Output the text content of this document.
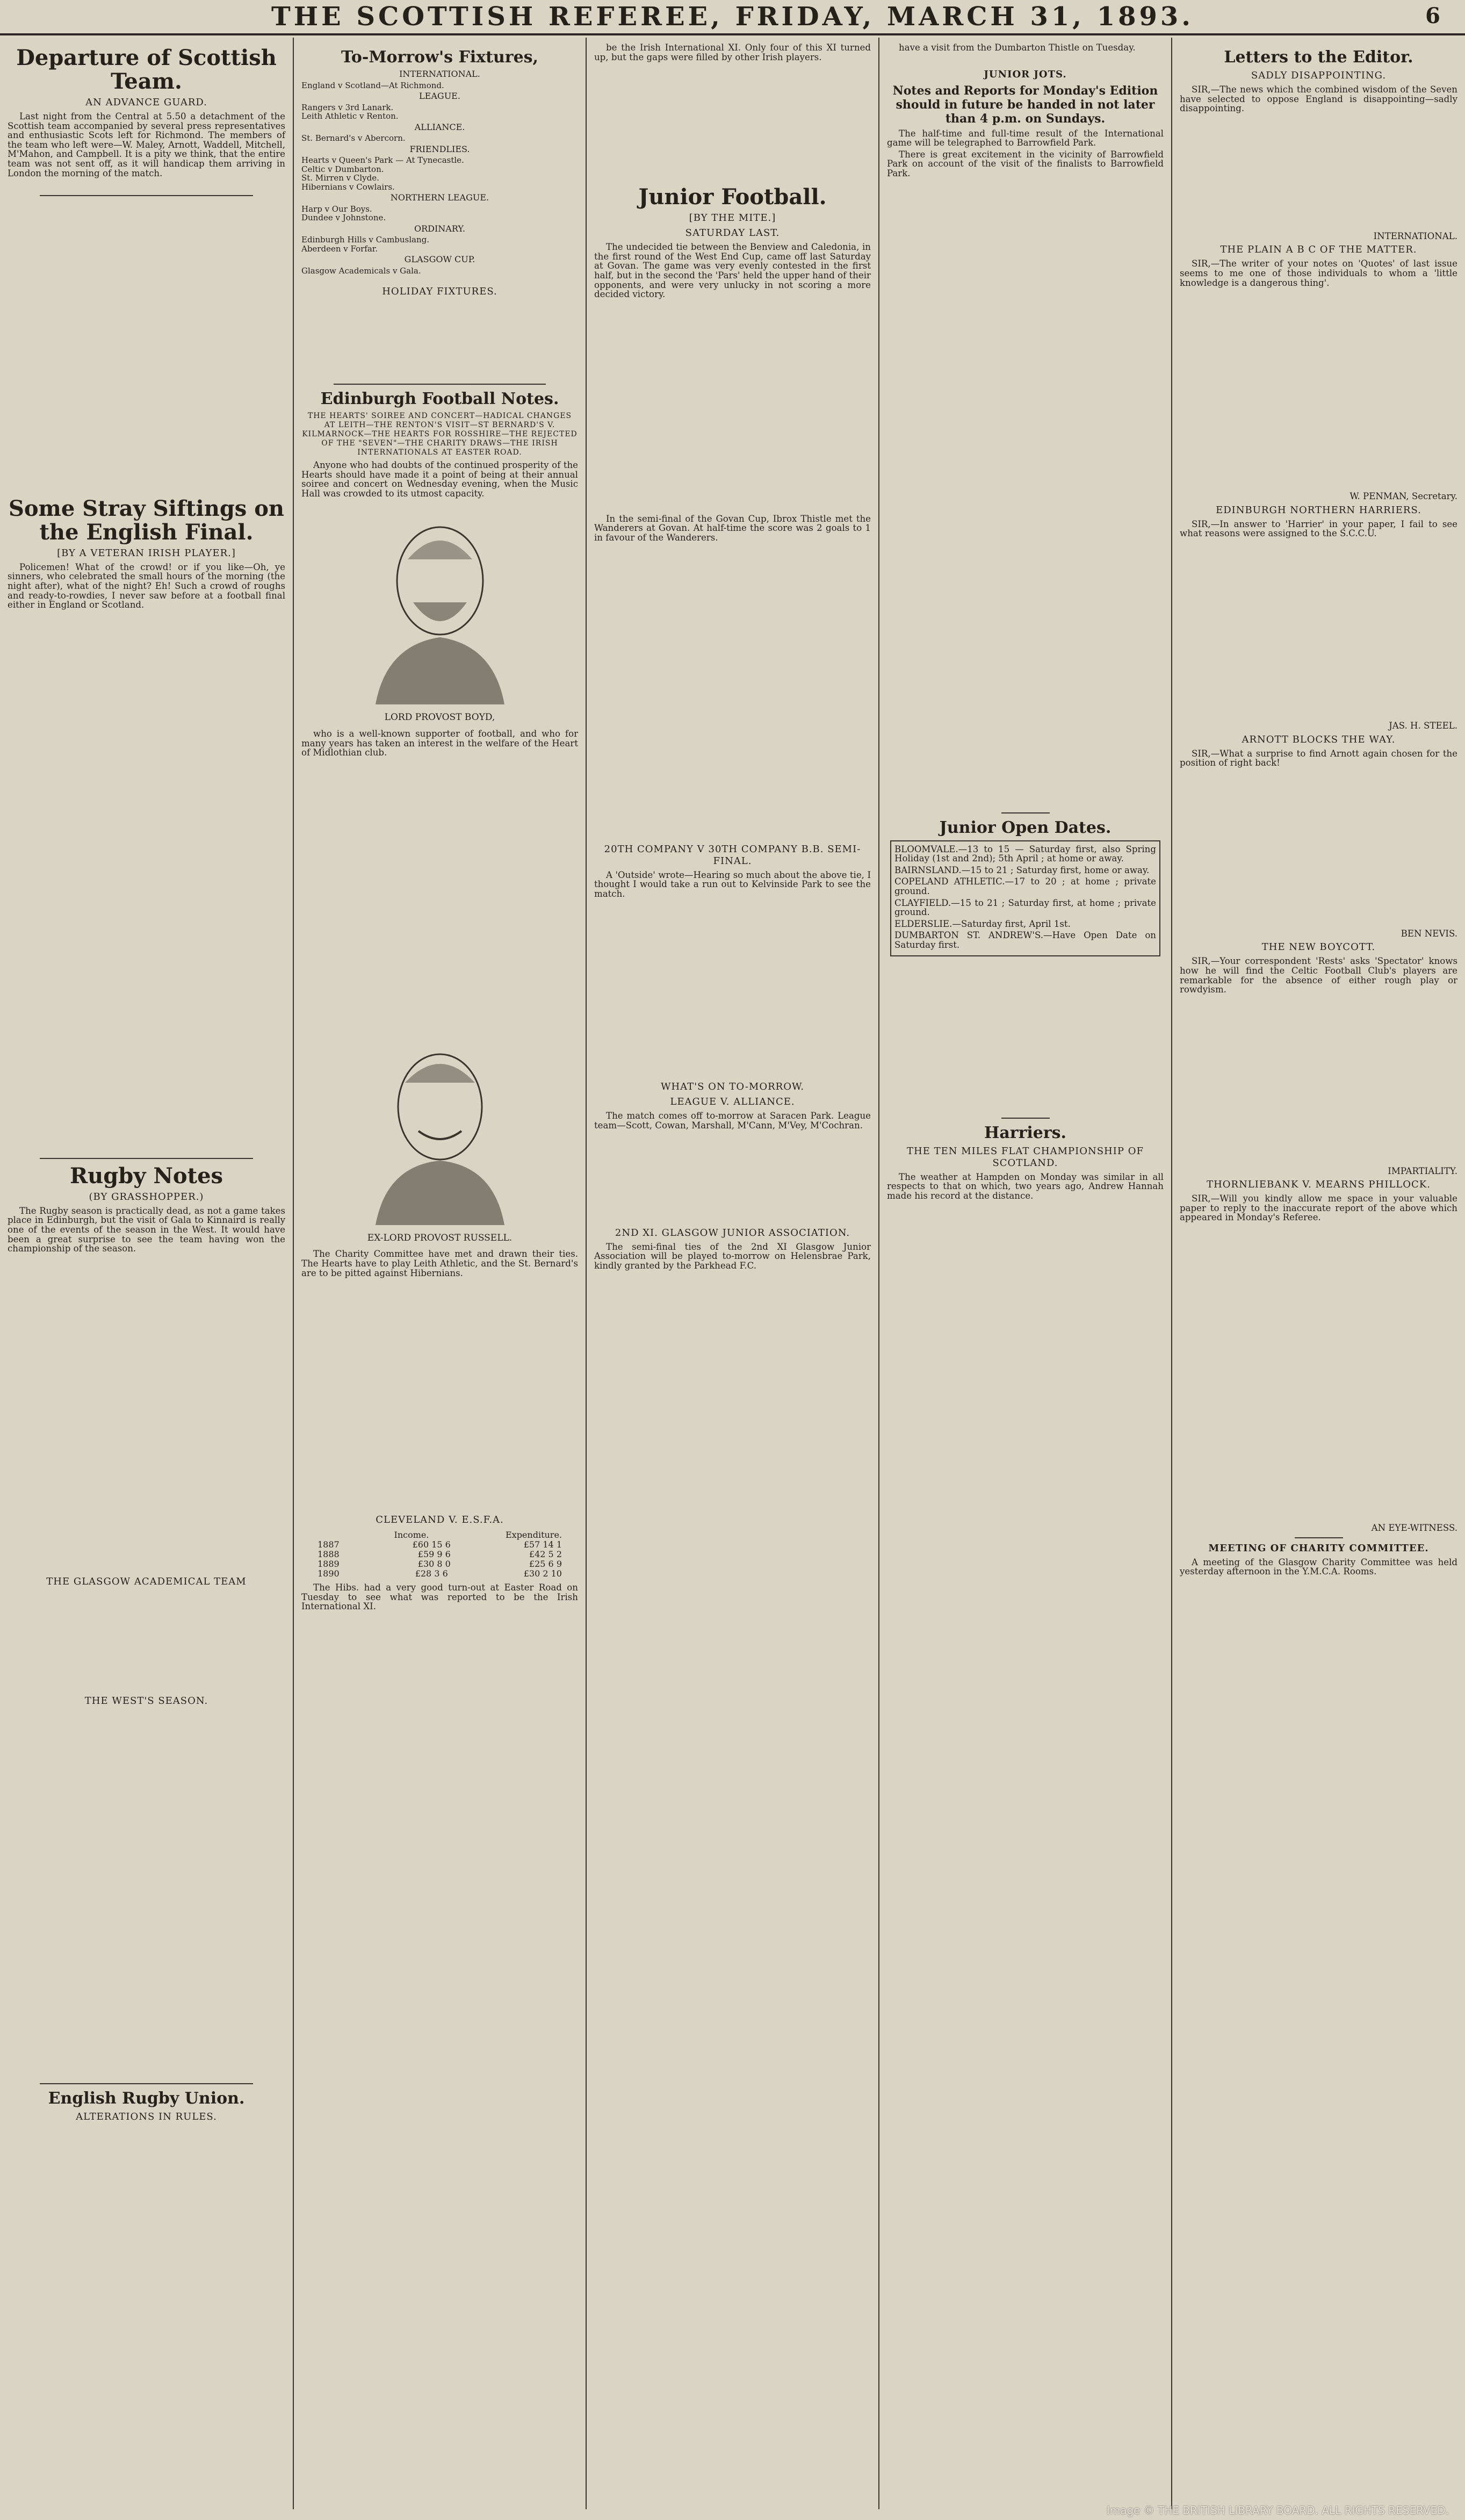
THE SCOTTISH REFEREE, FRIDAY, MARCH 31, 1893.	6
Departure of Scottish Team.
AN ADVANCE GUARD.

Last night from the Central at 5.50 a detachment of the Scottish team accompanied by several press representatives and enthusiastic Scots left for Richmond. The members of the team who left were—W. Maley, Arnott, Waddell, Mitchell, M'Mahon, and Campbell. It is a pity we think, that the entire team was not sent off, as it will handicap them arriving in London the morning of the match.

Some Stray Siftings on the English Final.
[BY A VETERAN IRISH PLAYER.]

Policemen! What of the crowd! or if you like—Oh, ye sinners, who celebrated the small hours of the morning (the night after), what of the night? Eh! Such a crowd of roughs and ready-to-rowdies, I never saw before at a football final either in England or Scotland.

Rugby Notes
(BY GRASSHOPPER.)

The Rugby season is practically dead, as not a game takes place in Edinburgh, but the visit of Gala to Kinnaird is really one of the events of the season in the West. It would have been a great surprise to see the team having won the championship of the season.

THE GLASGOW ACADEMICAL TEAM
THE WEST'S SEASON.
English Rugby Union.
ALTERATIONS IN RULES.
To-Morrow's Fixtures,
INTERNATIONAL.
England v Scotland—At Richmond.
LEAGUE.
Rangers v 3rd Lanark.
Leith Athletic v Renton.
ALLIANCE.
St. Bernard's v Abercorn.
FRIENDLIES.
Hearts v Queen's Park — At Tynecastle.
Celtic v Dumbarton.
St. Mirren v Clyde.
Hibernians v Cowlairs.
NORTHERN LEAGUE.
Harp v Our Boys.
Dundee v Johnstone.
ORDINARY.
Edinburgh Hills v Cambuslang.
Aberdeen v Forfar.
GLASGOW CUP.
Glasgow Academicals v Gala.
HOLIDAY FIXTURES.
Edinburgh Football Notes.
THE HEARTS' SOIREE AND CONCERT—HADICAL CHANGES AT LEITH—THE RENTON'S VISIT—ST BERNARD'S V. KILMARNOCK—THE HEARTS FOR ROSSHIRE—THE REJECTED OF THE "SEVEN"—THE CHARITY DRAWS—THE IRISH INTERNATIONALS AT EASTER ROAD.

Anyone who had doubts of the continued prosperity of the Hearts should have made it a point of being at their annual soiree and concert on Wednesday evening, when the Music Hall was crowded to its utmost capacity.

LORD PROVOST BOYD,

who is a well-known supporter of football, and who for many years has taken an interest in the welfare of the Heart of Midlothian club.

EX-LORD PROVOST RUSSELL.

The Charity Committee have met and drawn their ties. The Hearts have to play Leith Athletic, and the St. Bernard's are to be pitted against Hibernians.

CLEVELAND V. E.S.F.A.
Income.	Expenditure.
1887	£60 15 6	£57 14 1
1888	£59 9 6	£42 5 2
1889	£30 8 0	£25 6 9
1890	£28 3 6	£30 2 10

The Hibs. had a very good turn-out at Easter Road on Tuesday to see what was reported to be the Irish International XI.

be the Irish International XI. Only four of this XI turned up, but the gaps were filled by other Irish players.

Junior Football.
[BY THE MITE.]
SATURDAY LAST.

The undecided tie between the Benview and Caledonia, in the first round of the West End Cup, came off last Saturday at Govan. The game was very evenly contested in the first half, but in the second the 'Pars' held the upper hand of their opponents, and were very unlucky in not scoring a more decided victory.

In the semi-final of the Govan Cup, Ibrox Thistle met the Wanderers at Govan. At half-time the score was 2 goals to 1 in favour of the Wanderers.

20TH COMPANY V 30TH COMPANY B.B. SEMI-FINAL.

A 'Outside' wrote—Hearing so much about the above tie, I thought I would take a run out to Kelvinside Park to see the match.

WHAT'S ON TO-MORROW.
LEAGUE V. ALLIANCE.

The match comes off to-morrow at Saracen Park. League team—Scott, Cowan, Marshall, M'Cann, M'Vey, M'Cochran.

2ND XI. GLASGOW JUNIOR ASSOCIATION.

The semi-final ties of the 2nd XI Glasgow Junior Association will be played to-morrow on Helensbrae Park, kindly granted by the Parkhead F.C.

have a visit from the Dumbarton Thistle on Tuesday.

JUNIOR JOTS.
Notes and Reports for Monday's Edition should in future be handed in not later than 4 p.m. on Sundays.

The half-time and full-time result of the International game will be telegraphed to Barrowfield Park.

There is great excitement in the vicinity of Barrowfield Park on account of the visit of the finalists to Barrowfield Park.

Junior Open Dates.

BLOOMVALE.—13 to 15 — Saturday first, also Spring Holiday (1st and 2nd); 5th April ; at home or away.

BAIRNSLAND.—15 to 21 ; Saturday first, home or away.

COPELAND ATHLETIC.—17 to 20 ; at home ; private ground.

CLAYFIELD.—15 to 21 ; Saturday first, at home ; private ground.

ELDERSLIE.—Saturday first, April 1st.

DUMBARTON ST. ANDREW'S.—Have Open Date on Saturday first.

Harriers.
THE TEN MILES FLAT CHAMPIONSHIP OF SCOTLAND.

The weather at Hampden on Monday was similar in all respects to that on which, two years ago, Andrew Hannah made his record at the distance.

Letters to the Editor.
SADLY DISAPPOINTING.

SIR,—The news which the combined wisdom of the Seven have selected to oppose England is disappointing—sadly disappointing.

INTERNATIONAL.
THE PLAIN A B C OF THE MATTER.

SIR,—The writer of your notes on 'Quotes' of last issue seems to me one of those individuals to whom a 'little knowledge is a dangerous thing'.

W. PENMAN, Secretary.
EDINBURGH NORTHERN HARRIERS.

SIR,—In answer to 'Harrier' in your paper, I fail to see what reasons were assigned to the S.C.C.U.

JAS. H. STEEL.
ARNOTT BLOCKS THE WAY.

SIR,—What a surprise to find Arnott again chosen for the position of right back!

BEN NEVIS.
THE NEW BOYCOTT.

SIR,—Your correspondent 'Rests' asks 'Spectator' knows how he will find the Celtic Football Club's players are remarkable for the absence of either rough play or rowdyism.

IMPARTIALITY.
THORNLIEBANK V. MEARNS PHILLOCK.

SIR,—Will you kindly allow me space in your valuable paper to reply to the inaccurate report of the above which appeared in Monday's Referee.

AN EYE-WITNESS.
MEETING OF CHARITY COMMITTEE.

A meeting of the Glasgow Charity Committee was held yesterday afternoon in the Y.M.C.A. Rooms.

Image © THE BRITISH LIBRARY BOARD. ALL RIGHTS RESERVED.
